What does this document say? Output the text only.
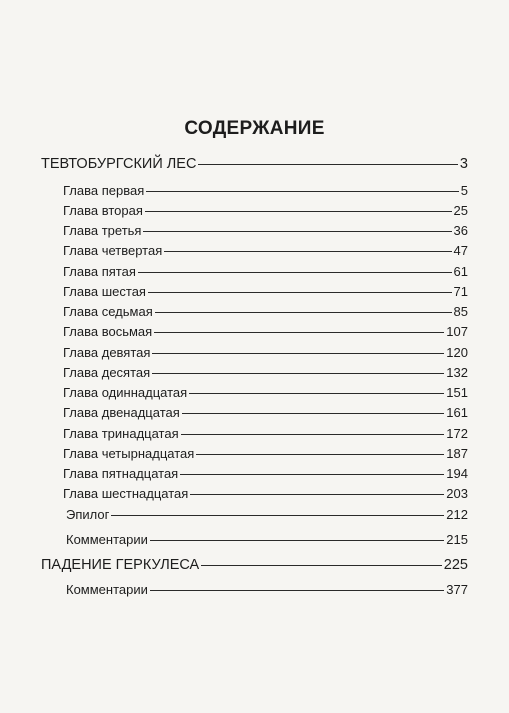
СОДЕРЖАНИЕ
ТЕВТОБУРГСКИЙ ЛЕС	3
Глава первая	5
Глава вторая	25
Глава третья	36
Глава четвертая	47
Глава пятая	61
Глава шестая	71
Глава седьмая	85
Глава восьмая	107
Глава девятая	120
Глава десятая	132
Глава одиннадцатая	151
Глава двенадцатая	161
Глава тринадцатая	172
Глава четырнадцатая	187
Глава пятнадцатая	194
Глава шестнадцатая	203
Эпилог	212
Комментарии	215
ПАДЕНИЕ ГЕРКУЛЕСА	225
Комментарии	377
